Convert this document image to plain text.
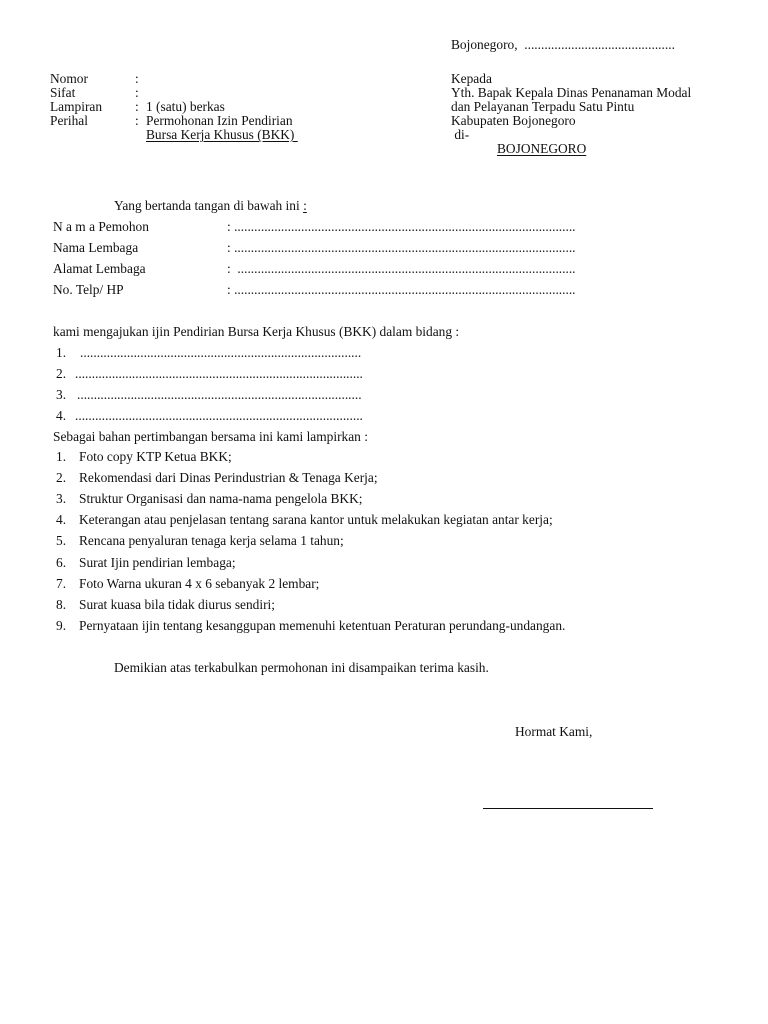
Bojonegoro,  .............................................
Nomor	:
Sifat	:
Lampiran : 1 (satu) berkas
Perihal	: Permohonan Izin Pendirian
Bursa Kerja Khusus (BKK)
Kepada
Yth. Bapak Kepala Dinas Penanaman Modal
dan Pelayanan Terpadu Satu Pintu
Kabupaten Bojonegoro
di-
BOJONEGORO
Yang bertanda tangan di bawah ini :
N a m a Pemohon	: ......................................................................................................
Nama Lembaga	: ......................................................................................................
Alamat Lembaga	:  .....................................................................................................
No. Telp/ HP	: ......................................................................................................
kami mengajukan ijin Pendirian Bursa Kerja Khusus (BKK) dalam bidang :
1. ....................................................................................
2. ......................................................................................
3. .....................................................................................
4. ......................................................................................
Sebagai bahan pertimbangan bersama ini kami lampirkan :
1. Foto copy KTP Ketua BKK;
2. Rekomendasi dari Dinas Perindustrian & Tenaga Kerja;
3. Struktur Organisasi dan nama-nama pengelola BKK;
4. Keterangan atau penjelasan tentang sarana kantor untuk melakukan kegiatan antar kerja;
5. Rencana penyaluran tenaga kerja selama 1 tahun;
6. Surat Ijin pendirian lembaga;
7. Foto Warna ukuran 4 x 6 sebanyak 2 lembar;
8. Surat kuasa bila tidak diurus sendiri;
9. Pernyataan ijin tentang kesanggupan memenuhi ketentuan Peraturan perundang-undangan.
Demikian atas terkabulkan permohonan ini disampaikan terima kasih.
Hormat Kami,
